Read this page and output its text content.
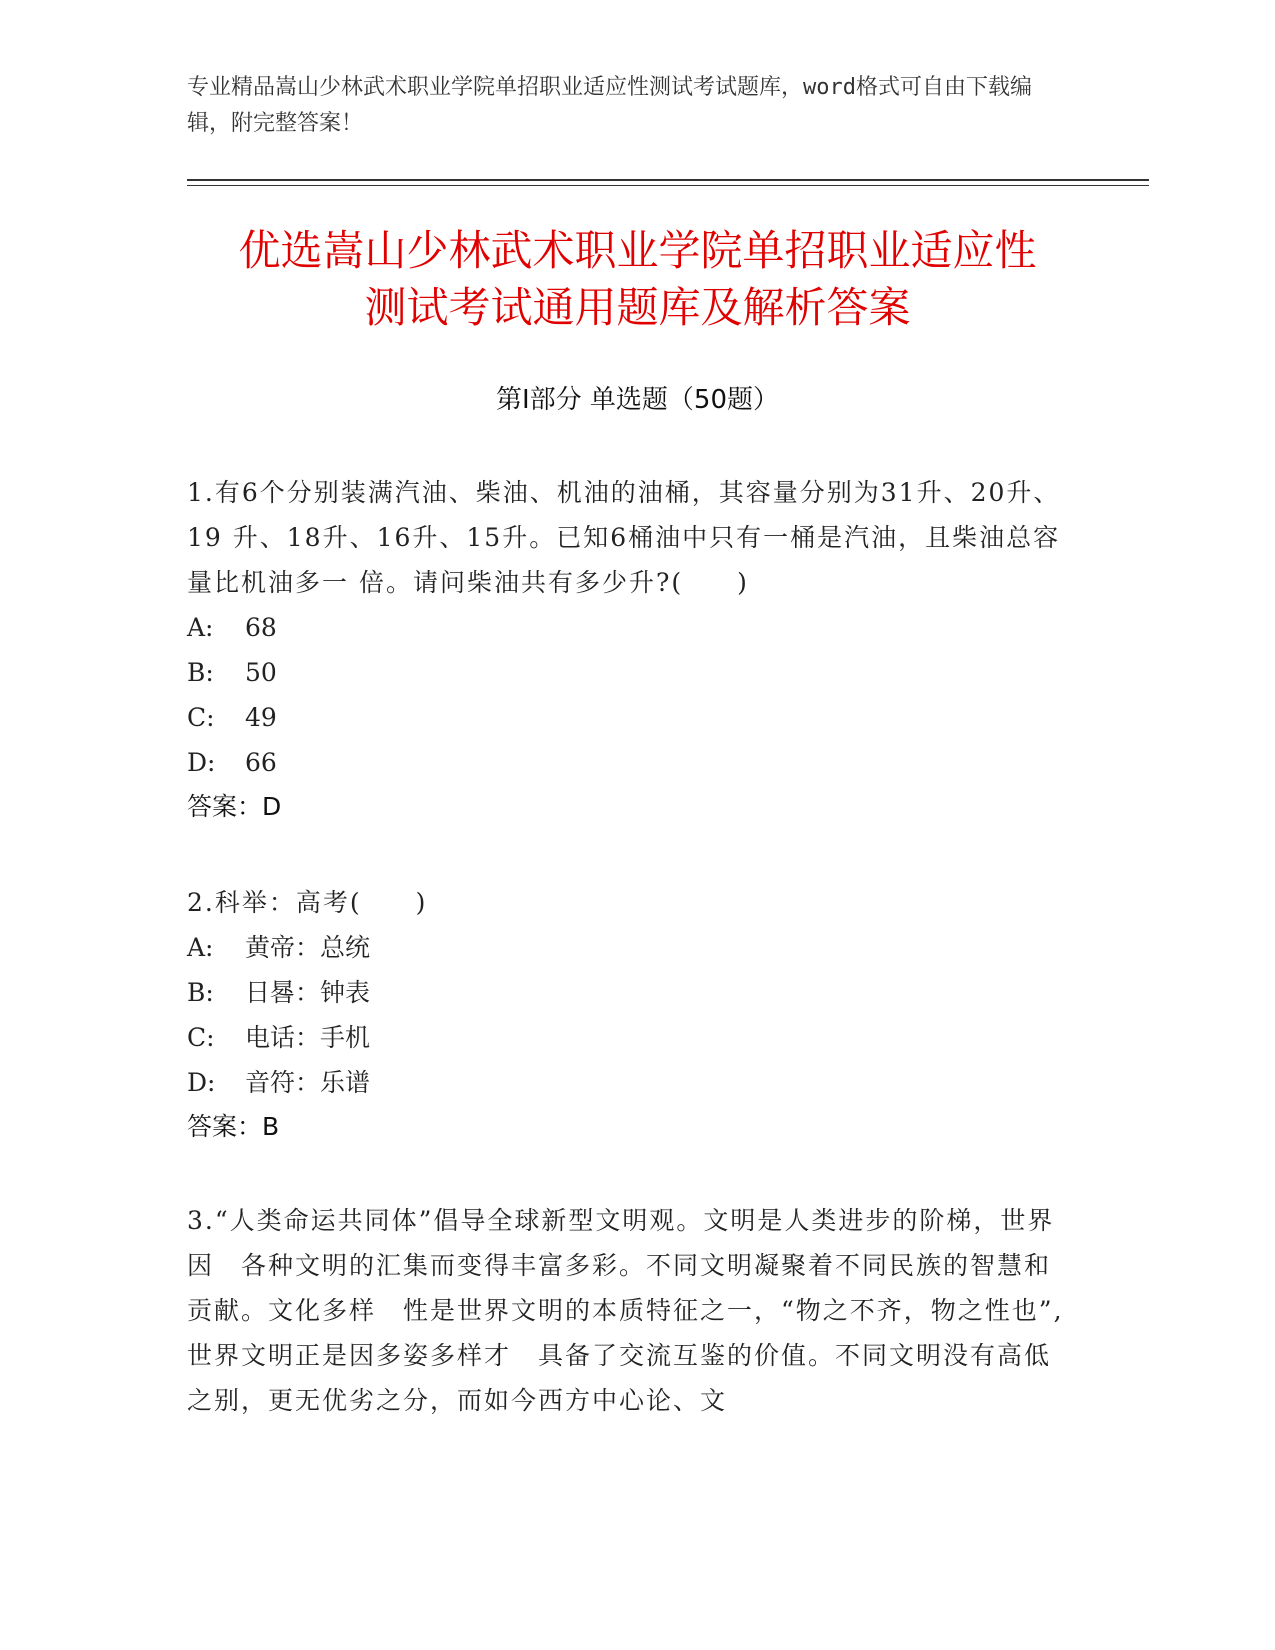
专业精品嵩山少林武术职业学院单招职业适应性测试考试题库，word格式可自由下载编辑，附完整答案！

优选嵩山少林武术职业学院单招职业适应性
测试考试通用题库及解析答案

第Ⅰ部分 单选题（50题）

1.有6个分别装满汽油、柴油、机油的油桶，其容量分别为31升、20升、19 升、18升、16升、15升。已知6桶油中只有一桶是汽油，且柴油总容量比机油多一 倍。请问柴油共有多少升?(　　)

A:	68

B:	50

C:	49

D:	66

答案：D

2.科举：高考(　　)

A:	黄帝：总统

B:	日晷：钟表

C:	电话：手机

D:	音符：乐谱

答案：B

3.“人类命运共同体”倡导全球新型文明观。文明是人类进步的阶梯，世界因　各种文明的汇集而变得丰富多彩。不同文明凝聚着不同民族的智慧和贡献。文化多样　性是世界文明的本质特征之一，“物之不齐，物之性也”,世界文明正是因多姿多样才　具备了交流互鉴的价值。不同文明没有高低之别，更无优劣之分，而如今西方中心论、文
